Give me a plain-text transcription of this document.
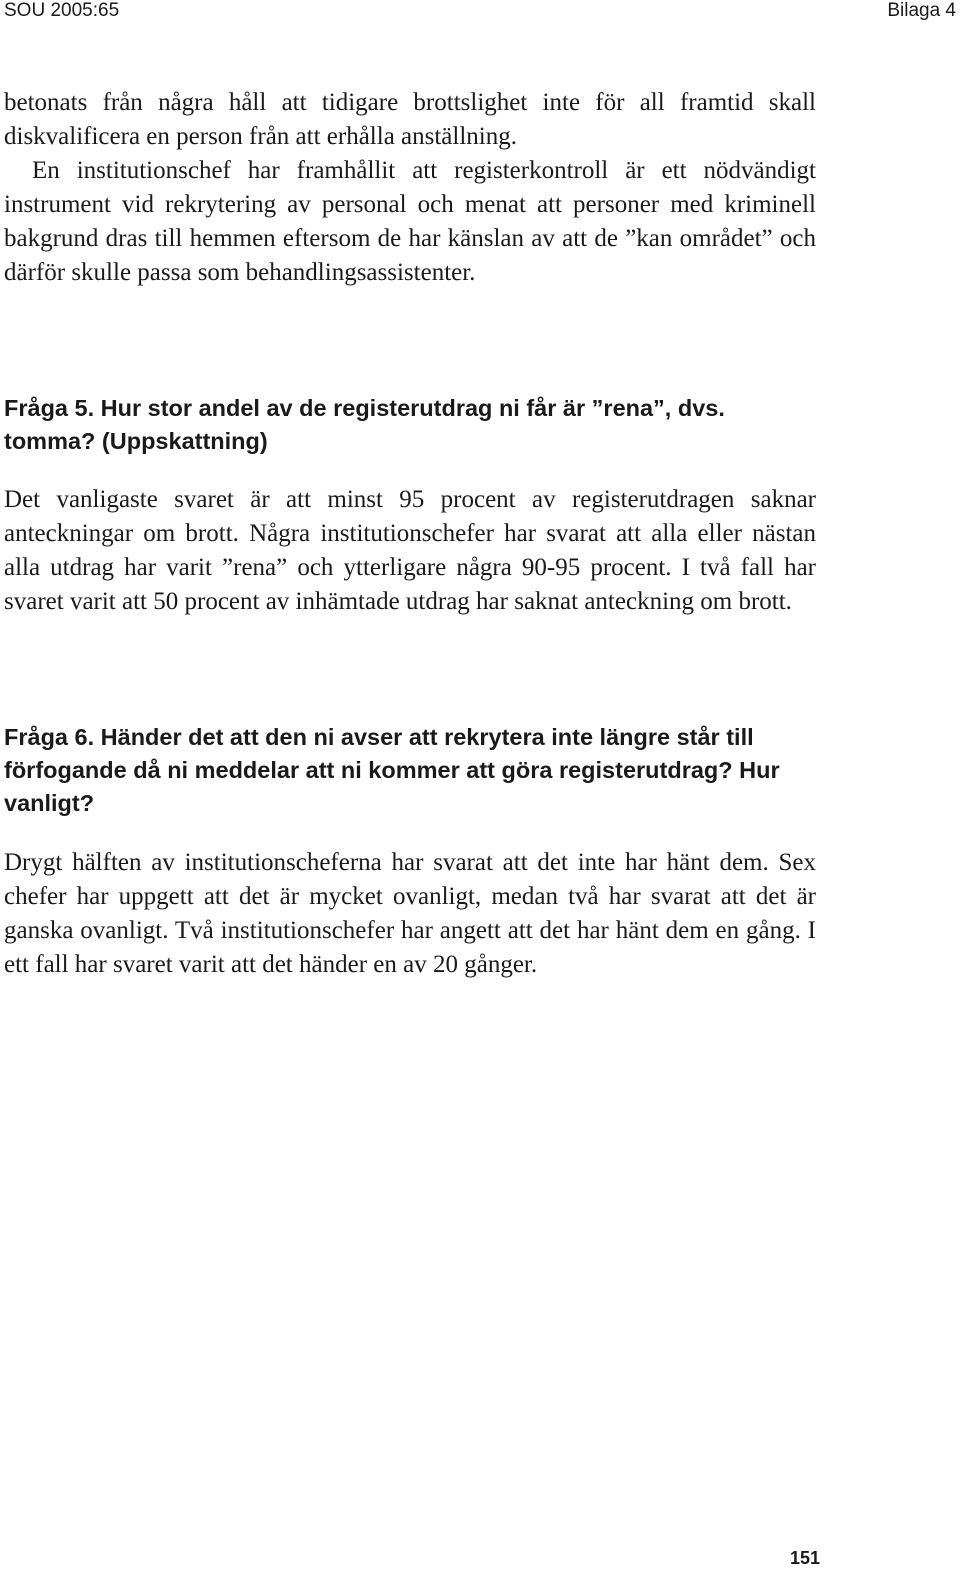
SOU 2005:65	Bilaga 4

betonats från några håll att tidigare brottslighet inte för all framtid skall diskvalificera en person från att erhålla anställning.
En institutionschef har framhållit att registerkontroll är ett nödvändigt instrument vid rekrytering av personal och menat att personer med kriminell bakgrund dras till hemmen eftersom de har känslan av att de ”kan området” och därför skulle passa som behandlingsassistenter.

Fråga 5. Hur stor andel av de registerutdrag ni får är ”rena”, dvs. tomma? (Uppskattning)

Det vanligaste svaret är att minst 95 procent av registerutdragen saknar anteckningar om brott. Några institutionschefer har svarat att alla eller nästan alla utdrag har varit ”rena” och ytterligare några 90-95 procent. I två fall har svaret varit att 50 procent av inhämtade utdrag har saknat anteckning om brott.

Fråga 6. Händer det att den ni avser att rekrytera inte längre står till förfogande då ni meddelar att ni kommer att göra registerutdrag? Hur vanligt?

Drygt hälften av institutionscheferna har svarat att det inte har hänt dem. Sex chefer har uppgett att det är mycket ovanligt, medan två har svarat att det är ganska ovanligt. Två institutionschefer har angett att det har hänt dem en gång. I ett fall har svaret varit att det händer en av 20 gånger.

151
